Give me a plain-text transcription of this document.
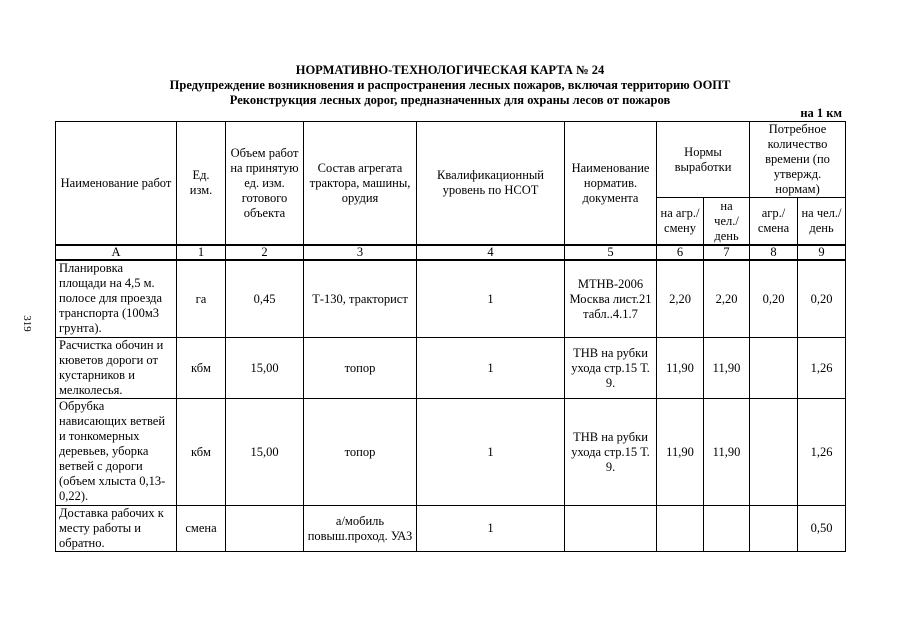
319
НОРМАТИВНО-ТЕХНОЛОГИЧЕСКАЯ КАРТА № 24
Предупреждение возникновения и распространения лесных пожаров, включая территорию ООПТ
Реконструкция лесных дорог, предназначенных для охраны лесов от пожаров
на 1 км
Наименование работ	Ед. изм.	Объем работ на принятую ед. изм. готового объекта	Состав агрегата трактора, машины, орудия	Квалификационный уровень по НСОТ	Наименование норматив. документа	Нормы выработки		Потребное количество времени (по утвержд. нормам)	
						на агр./ смену	на чел./ день	агр./ смена	на чел./ день
А	1	2	3	4	5	6	7	8	9
Планировка площади на 4,5 м. полосе для проезда транспорта (100м3 грунта).	га	0,45	Т-130, тракторист	1	МТНВ-2006 Москва лист.21 табл..4.1.7	2,20	2,20	0,20	0,20
Расчистка обочин и кюветов дороги от кустарников и мелколесья.	кбм	15,00	топор	1	ТНВ на рубки ухода стр.15 Т. 9.	11,90	11,90		1,26
Обрубка нависающих ветвей и тонкомерных деревьев, уборка ветвей с дороги (объем хлыста 0,13-0,22).	кбм	15,00	топор	1	ТНВ на рубки ухода стр.15 Т. 9.	11,90	11,90		1,26
Доставка рабочих к месту работы и обратно.	смена		а/мобиль повыш.проход. УАЗ	1					0,50
